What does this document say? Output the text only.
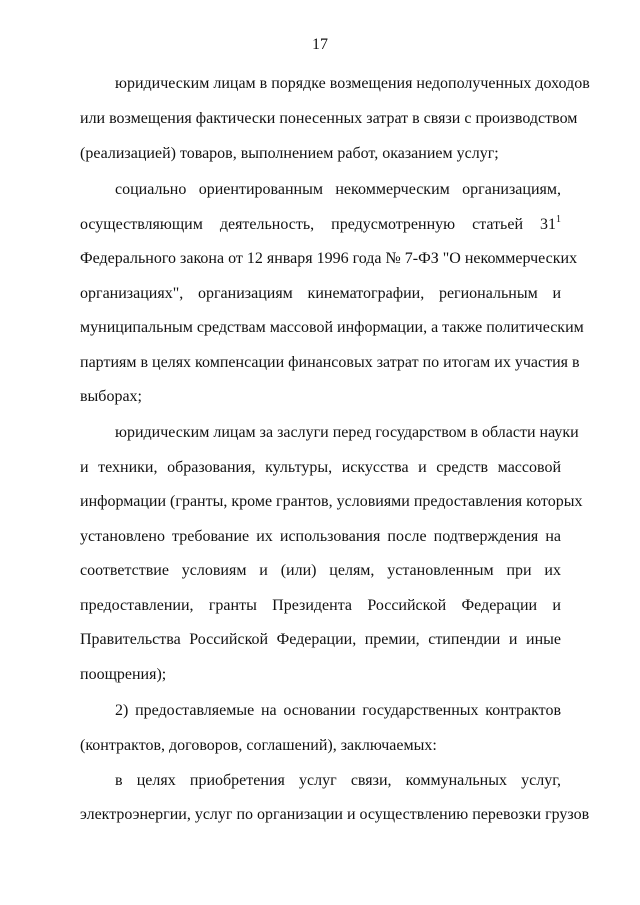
17
юридическим лицам в порядке возмещения недополученных доходов
или возмещения фактически понесенных затрат в связи с производством
(реализацией) товаров, выполнением работ, оказанием услуг;
социально ориентированным некоммерческим организациям,
осуществляющим деятельность, предусмотренную статьей $31^1$
Федерального закона от 12 января 1996 года № 7-ФЗ "О некоммерческих
организациях", организациям кинематографии, региональным и
муниципальным средствам массовой информации, а также политическим
партиям в целях компенсации финансовых затрат по итогам их участия в
выборах;
юридическим лицам за заслуги перед государством в области науки
и техники, образования, культуры, искусства и средств массовой
информации (гранты, кроме грантов, условиями предоставления которых
установлено требование их использования после подтверждения на
соответствие условиям и (или) целям, установленным при их
предоставлении, гранты Президента Российской Федерации и
Правительства Российской Федерации, премии, стипендии и иные
поощрения);
2) предоставляемые на основании государственных контрактов
(контрактов, договоров, соглашений), заключаемых:
в целях приобретения услуг связи, коммунальных услуг,
электроэнергии, услуг по организации и осуществлению перевозки грузов
